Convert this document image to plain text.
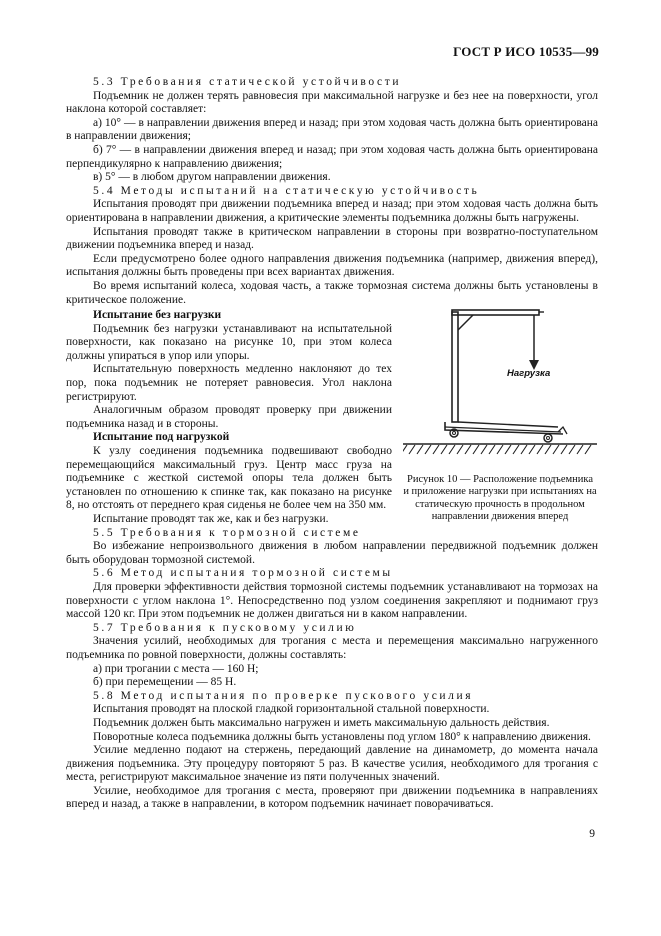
ГОСТ Р ИСО 10535—99

5.3 Требования статической устойчивости

Подъемник не должен терять равновесия при максимальной нагрузке и без нее на поверхности, угол наклона которой составляет:

а) 10° — в направлении движения вперед и назад; при этом ходовая часть должна быть ориентирована в направлении движения;

б) 7° — в направлении движения вперед и назад; при этом ходовая часть должна быть ориентирована перпендикулярно к направлению движения;

в) 5° — в любом другом направлении движения.

5.4 Методы испытаний на статическую устойчивость

Испытания проводят при движении подъемника вперед и назад; при этом ходовая часть должна быть ориентирована в направлении движения, а критические элементы подъемника должны быть нагружены.

Испытания проводят также в критическом направлении в стороны при возвратно-поступательном движении подъемника вперед и назад.

Если предусмотрено более одного направления движения подъемника (например, движения вперед), испытания должны быть проведены при всех вариантах движения.

Во время испытаний колеса, ходовая часть, а также тормозная система должны быть установлены в критическое положение.

Испытание без нагрузки

Подъемник без нагрузки устанавливают на испытательной поверхности, как показано на рисунке 10, при этом колеса должны упираться в упор или упоры.

Испытательную поверхность медленно наклоняют до тех пор, пока подъемник не потеряет равновесия. Угол наклона регистрируют.

Аналогичным образом проводят проверку при движении подъемника назад и в стороны.

Испытание под нагрузкой

К узлу соединения подъемника подвешивают свободно перемещающийся максимальный груз. Центр масс груза на подъемнике с жесткой системой опоры тела должен быть установлен по отношению к спинке так, как показано на рисунке 8, но отстоять от переднего края сиденья не более чем на 350 мм.

Испытание проводят так же, как и без нагрузки.

5.5 Требования к тормозной системе

Во избежание непроизвольного движения в любом направлении передвижной подъемник должен быть оборудован тормозной системой.

5.6 Метод испытания тормозной системы

Для проверки эффективности действия тормозной системы подъемник устанавливают на тормозах на поверхности с углом наклона 1°. Непосредственно под узлом соединения закрепляют и поднимают груз массой 120 кг. При этом подъемник не должен двигаться ни в каком направлении.

5.7 Требования к пусковому усилию

Значения усилий, необходимых для трогания с места и перемещения максимально нагруженного подъемника по ровной поверхности, должны составлять:

а) при трогании с места — 160 Н;

б) при перемещении — 85 Н.

5.8 Метод испытания по проверке пускового усилия

Испытания проводят на плоской гладкой горизонтальной стальной поверхности.

Подъемник должен быть максимально нагружен и иметь максимальную дальность действия.

Поворотные колеса подъемника должны быть установлены под углом 180° к направлению движения.

Усилие медленно подают на стержень, передающий давление на динамометр, до момента начала движения подъемника. Эту процедуру повторяют 5 раз. В качестве усилия, необходимого для трогания с места, регистрируют максимальное значение из пяти полученных значений.

Усилие, необходимое для трогания с места, проверяют при движении подъемника в направлениях вперед и назад, а также в направлении, в котором подъемник начинает поворачиваться.

Нагрузка
Рисунок 10 — Расположение подъемника и приложение нагрузки при испытаниях на статическую прочность в продольном направлении движения вперед
9
